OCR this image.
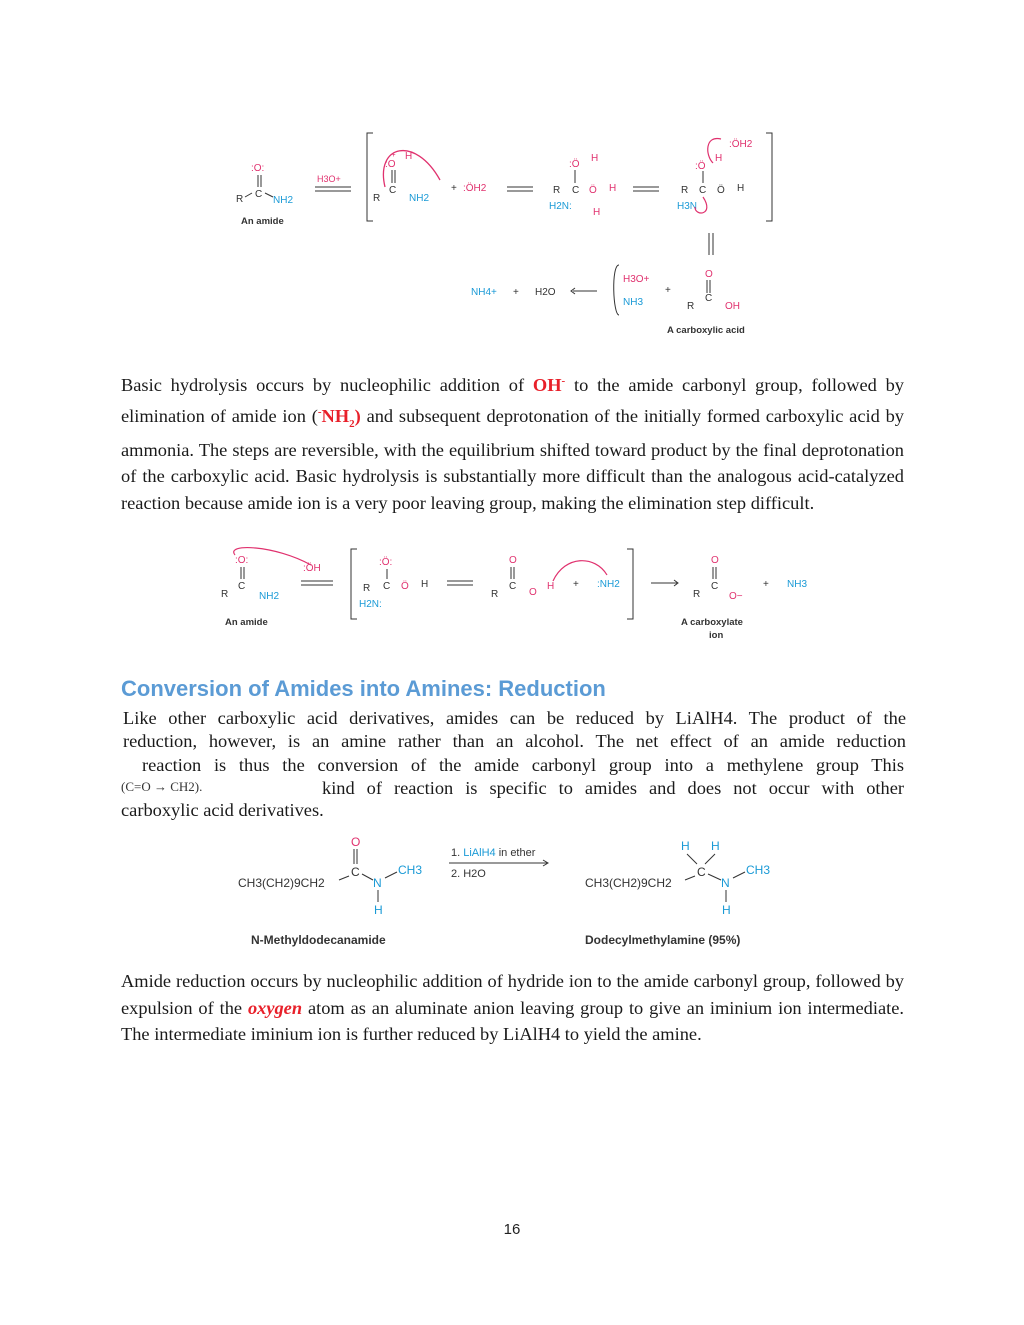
:O:
C
R	NH2
An amide
H3O+
:O
H
+
C
R	NH2
+ :ÖH2
:Ö
H
C
R	Ö H
H2N:
H
:ÖH2
:Ö
H
C
R	Ö H
H3N
NH4+ + H2O
H3O+
NH3
+
O
C
R	OH
A carboxylic acid

Basic hydrolysis occurs by nucleophilic addition of OH- to the amide carbonyl group, followed by elimination of amide ion $(^-NH_2)$ and subsequent deprotonation of the initially formed carboxylic acid by ammonia. The steps are reversible, with the equilibrium shifted toward product by the final deprotonation of the carboxylic acid. Basic hydrolysis is substantially more difficult than the analogous acid-catalyzed reaction because amide ion is a very poor leaving group, making the elimination step difficult.

:O:
C
R	NH2
:ÖH
An amide
:Ö:
C
R	Ö H
H2N:
O
C
R	O
H + :NH2
O
C
R	O−
+ NH3
A carboxylate
ion
Conversion of Amides into Amines: Reduction

Like other carboxylic acid derivatives, amides can be reduced by LiAlH4. The product of the

reduction, however, is an amine rather than an alcohol. The net effect of an amide reduction

reaction is thus the conversion of the amide carbonyl group into a methylene group This

(C=O → CH2).	kind of reaction is specific to amides and does not occur with other

carboxylic acid derivatives.

O
C
CH3(CH2)9CH2	N
CH3
H
N-Methyldodecanamide
1. LiAlH4 in ether
2. H2O
H H
C
CH3(CH2)9CH2	N
CH3
H
Dodecylmethylamine (95%)

Amide reduction occurs by nucleophilic addition of hydride ion to the amide carbonyl group, followed by expulsion of the oxygen atom as an aluminate anion leaving group to give an iminium ion intermediate. The intermediate iminium ion is further reduced by LiAlH4 to yield the amine.

16
